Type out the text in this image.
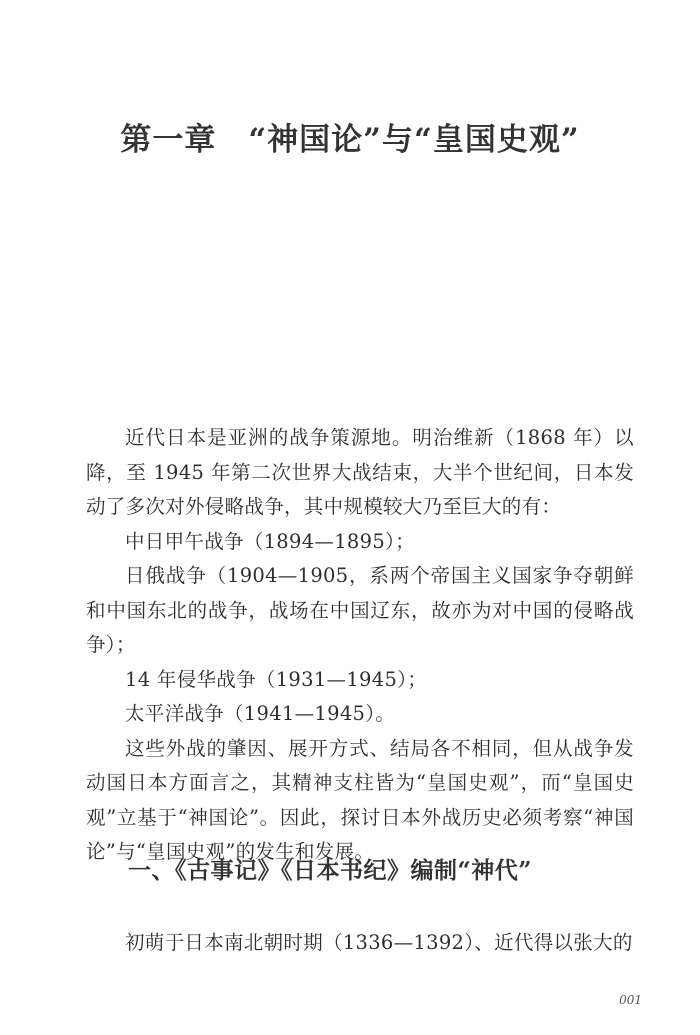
第一章　“神国论”与“皇国史观”

近代日本是亚洲的战争策源地。明治维新（1868 年）以降，至 1945 年第二次世界大战结束，大半个世纪间，日本发动了多次对外侵略战争，其中规模较大乃至巨大的有：

中日甲午战争（1894—1895）；

日俄战争（1904—1905，系两个帝国主义国家争夺朝鲜和中国东北的战争，战场在中国辽东，故亦为对中国的侵略战争）；

14 年侵华战争（1931—1945）；

太平洋战争（1941—1945）。

这些外战的肇因、展开方式、结局各不相同，但从战争发动国日本方面言之，其精神支柱皆为“皇国史观”，而“皇国史观”立基于“神国论”。因此，探讨日本外战历史必须考察“神国论”与“皇国史观”的发生和发展。

一、《古事记》《日本书纪》编制“神代”

初萌于日本南北朝时期（1336—1392）、近代得以张大的

001
